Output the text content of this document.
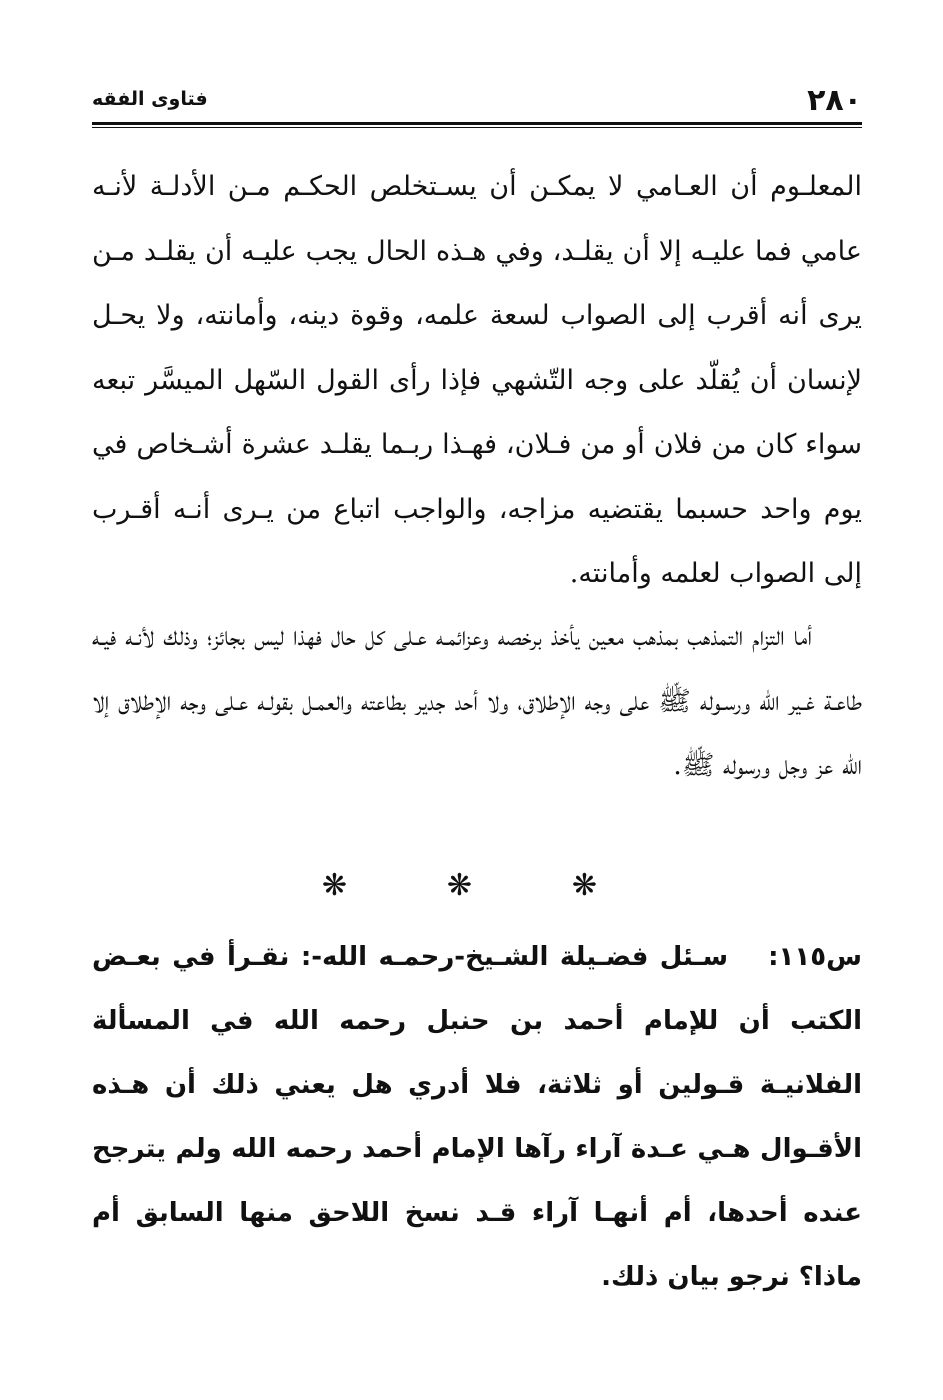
٢٨٠
فتاوى الفقه

المعلـوم أن العـامي لا يمكـن أن يسـتخلص الحكـم مـن الأدلـة لأنـه عامي فما عليـه إلا أن يقلـد، وفي هـذه الحال يجب عليـه أن يقلـد مـن يرى أنه أقرب إلى الصواب لسعة علمه، وقوة دينه، وأمانته، ولا يحـل لإنسان أن يُقلّد على وجه التّشهي فإذا رأى القول السّهل الميسَّر تبعه سواء كان من فلان أو من فـلان، فهـذا ربـما يقلـد عشرة أشـخاص في يوم واحد حسبما يقتضيه مزاجه، والواجب اتباع من يـرى أنـه أقـرب إلى الصواب لعلمه وأمانته.

أما التزام التمذهب بمذهب معين يأخذ برخصه وعزائمـه عـلى كل حال فهذا ليس بجائز؛ وذلك لأنـه فيـه طاعـة غـير الله ورسـوله ﷺ على وجه الإطلاق، ولا أحد جدير بطاعته والعمـل بقولـه عـلى وجه الإطلاق إلا الله عز وجل ورسوله ﷺ.

❋
❋
❋

س١١٥:سـئل فضـيلة الشـيخ-رحمـه الله-: نقـرأ في بعـض الكتب أن للإمام أحمد بن حنبل رحمه الله في المسألة الفلانيـة قـولين أو ثلاثة، فلا أدري هل يعني ذلك أن هـذه الأقـوال هـي عـدة آراء رآها الإمام أحمد رحمه الله ولم يترجح عنده أحدها، أم أنهـا آراء قـد نسخ اللاحق منها السابق أم ماذا؟ نرجو بيان ذلك.
